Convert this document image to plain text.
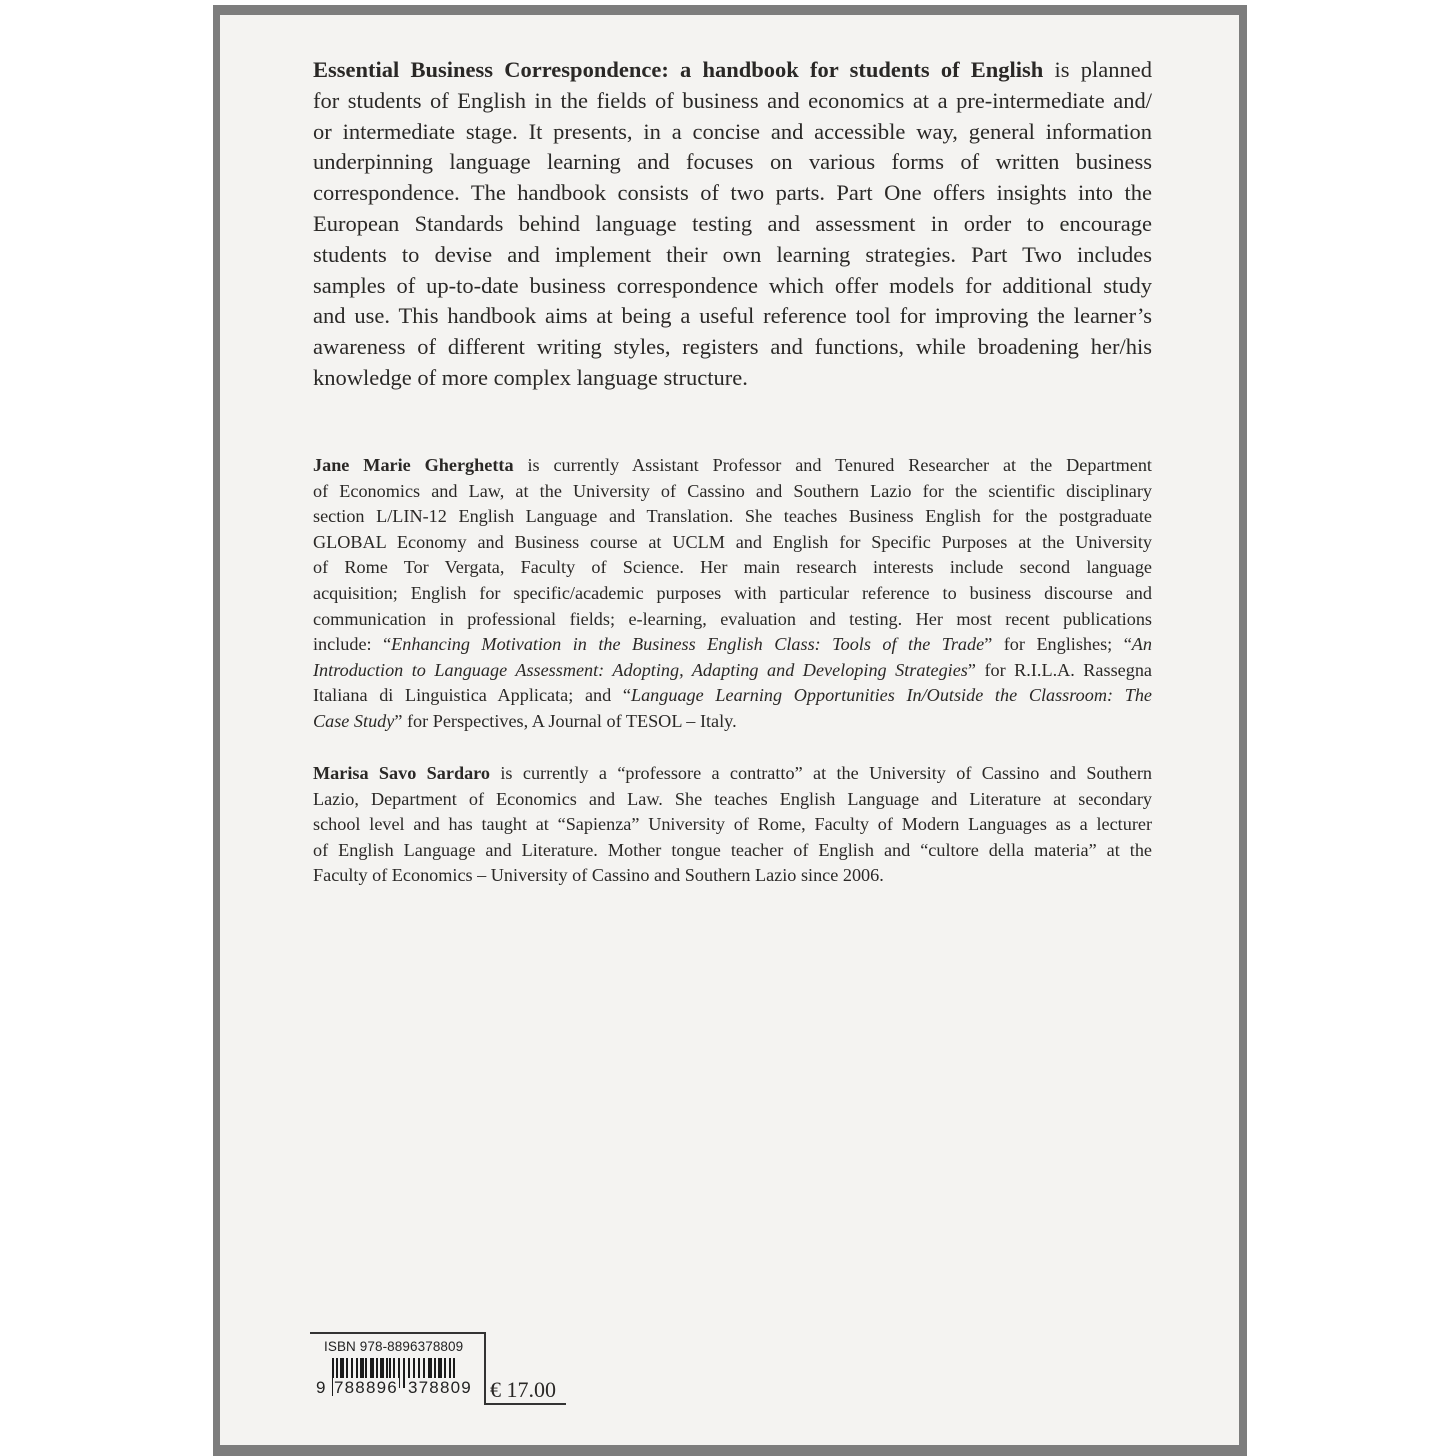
Essential Business Correspondence: a handbook for students of English is planned
for students of English in the fields of business and economics at a pre-intermediate and/
or intermediate stage. It presents, in a concise and accessible way, general information
underpinning language learning and focuses on various forms of written business
correspondence. The handbook consists of two parts. Part One offers insights into the
European Standards behind language testing and assessment in order to encourage
students to devise and implement their own learning strategies. Part Two includes
samples of up-to-date business correspondence which offer models for additional study
and use. This handbook aims at being a useful reference tool for improving the learner’s
awareness of different writing styles, registers and functions, while broadening her/his
knowledge of more complex language structure.
Jane Marie Gherghetta is currently Assistant Professor and Tenured Researcher at the Department
of Economics and Law, at the University of Cassino and Southern Lazio for the scientific disciplinary
section L/LIN-12 English Language and Translation. She teaches Business English for the postgraduate
GLOBAL Economy and Business course at UCLM and English for Specific Purposes at the University
of Rome Tor Vergata, Faculty of Science. Her main research interests include second language
acquisition; English for specific/academic purposes with particular reference to business discourse and
communication in professional fields; e-learning, evaluation and testing. Her most recent publications
include: “Enhancing Motivation in the Business English Class: Tools of the Trade” for Englishes; “An
Introduction to Language Assessment: Adopting, Adapting and Developing Strategies” for R.I.L.A. Rassegna
Italiana di Linguistica Applicata; and “Language Learning Opportunities In/Outside the Classroom: The
Case Study” for Perspectives, A Journal of TESOL – Italy.
Marisa Savo Sardaro is currently a “professore a contratto” at the University of Cassino and Southern
Lazio, Department of Economics and Law. She teaches English Language and Literature at secondary
school level and has taught at “Sapienza” University of Rome, Faculty of Modern Languages as a lecturer
of English Language and Literature. Mother tongue teacher of English and “cultore della materia” at the
Faculty of Economics – University of Cassino and Southern Lazio since 2006.
ISBN 978-8896378809
9 788896 378809 € 17.00
